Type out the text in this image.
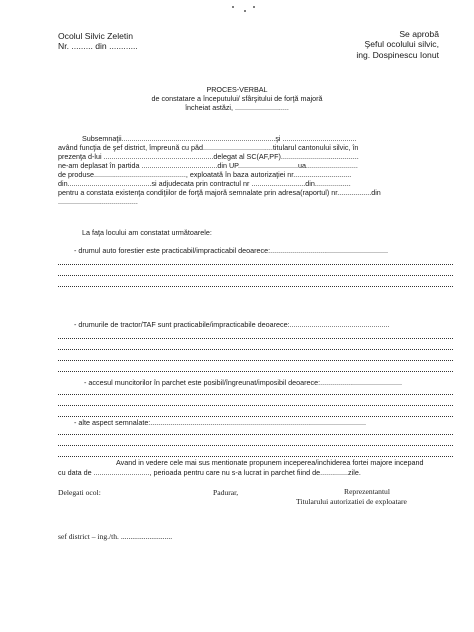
Ocolul Silvic Zeletin
Nr. ......... din ............
Se aprobă
Şeful ocolului silvic,
ing. Dospinescu Ionut
PROCES-VERBAL
de constatare a începutului/ sfârşitului de forţă majoră
încheiat astăzi, ...........................
Subsemnaţii.............................................................................şi .....................................
având funcţia de şef district, împreună cu păd...................................titularul cantonului silvic, în
prezenţa d-lui .......................................................delegat al SC(AF,PF).......................................
ne-am deplasat în partida ......................................din UP..............................ua..........................
de produse.............................................., exploatată în baza autorizaţiei nr.............................
din..........................................si adjudecata prin contractul nr ...........................din..................
pentru a constata existenţa condiţiilor de forţă majoră semnalate prin adresa(raportul) nr.................din
........................................
La faţa locului am constatat următoarele:
- drumul auto forestier este practicabil/impracticabil deoarece:...........................................................
- drumurile de tractor/TAF sunt practicabile/impracticabile deoarece:..................................................
- accesul muncitorilor în parchet este posibil/îngreunat/imposibil deoarece:.........................................
- alte aspect semnalate:............................................................................................................
Avand in vedere cele mai sus mentionate propunem inceperea/inchiderea fortei majore incepand
cu data de ............................, perioada pentru care nu s-a lucrat in parchet fiind de..............zile.
Delegati ocol:	Padurar,	Reprezentantul
Titularului autorizatiei de exploatare
sef district – ing./th. ...........................
